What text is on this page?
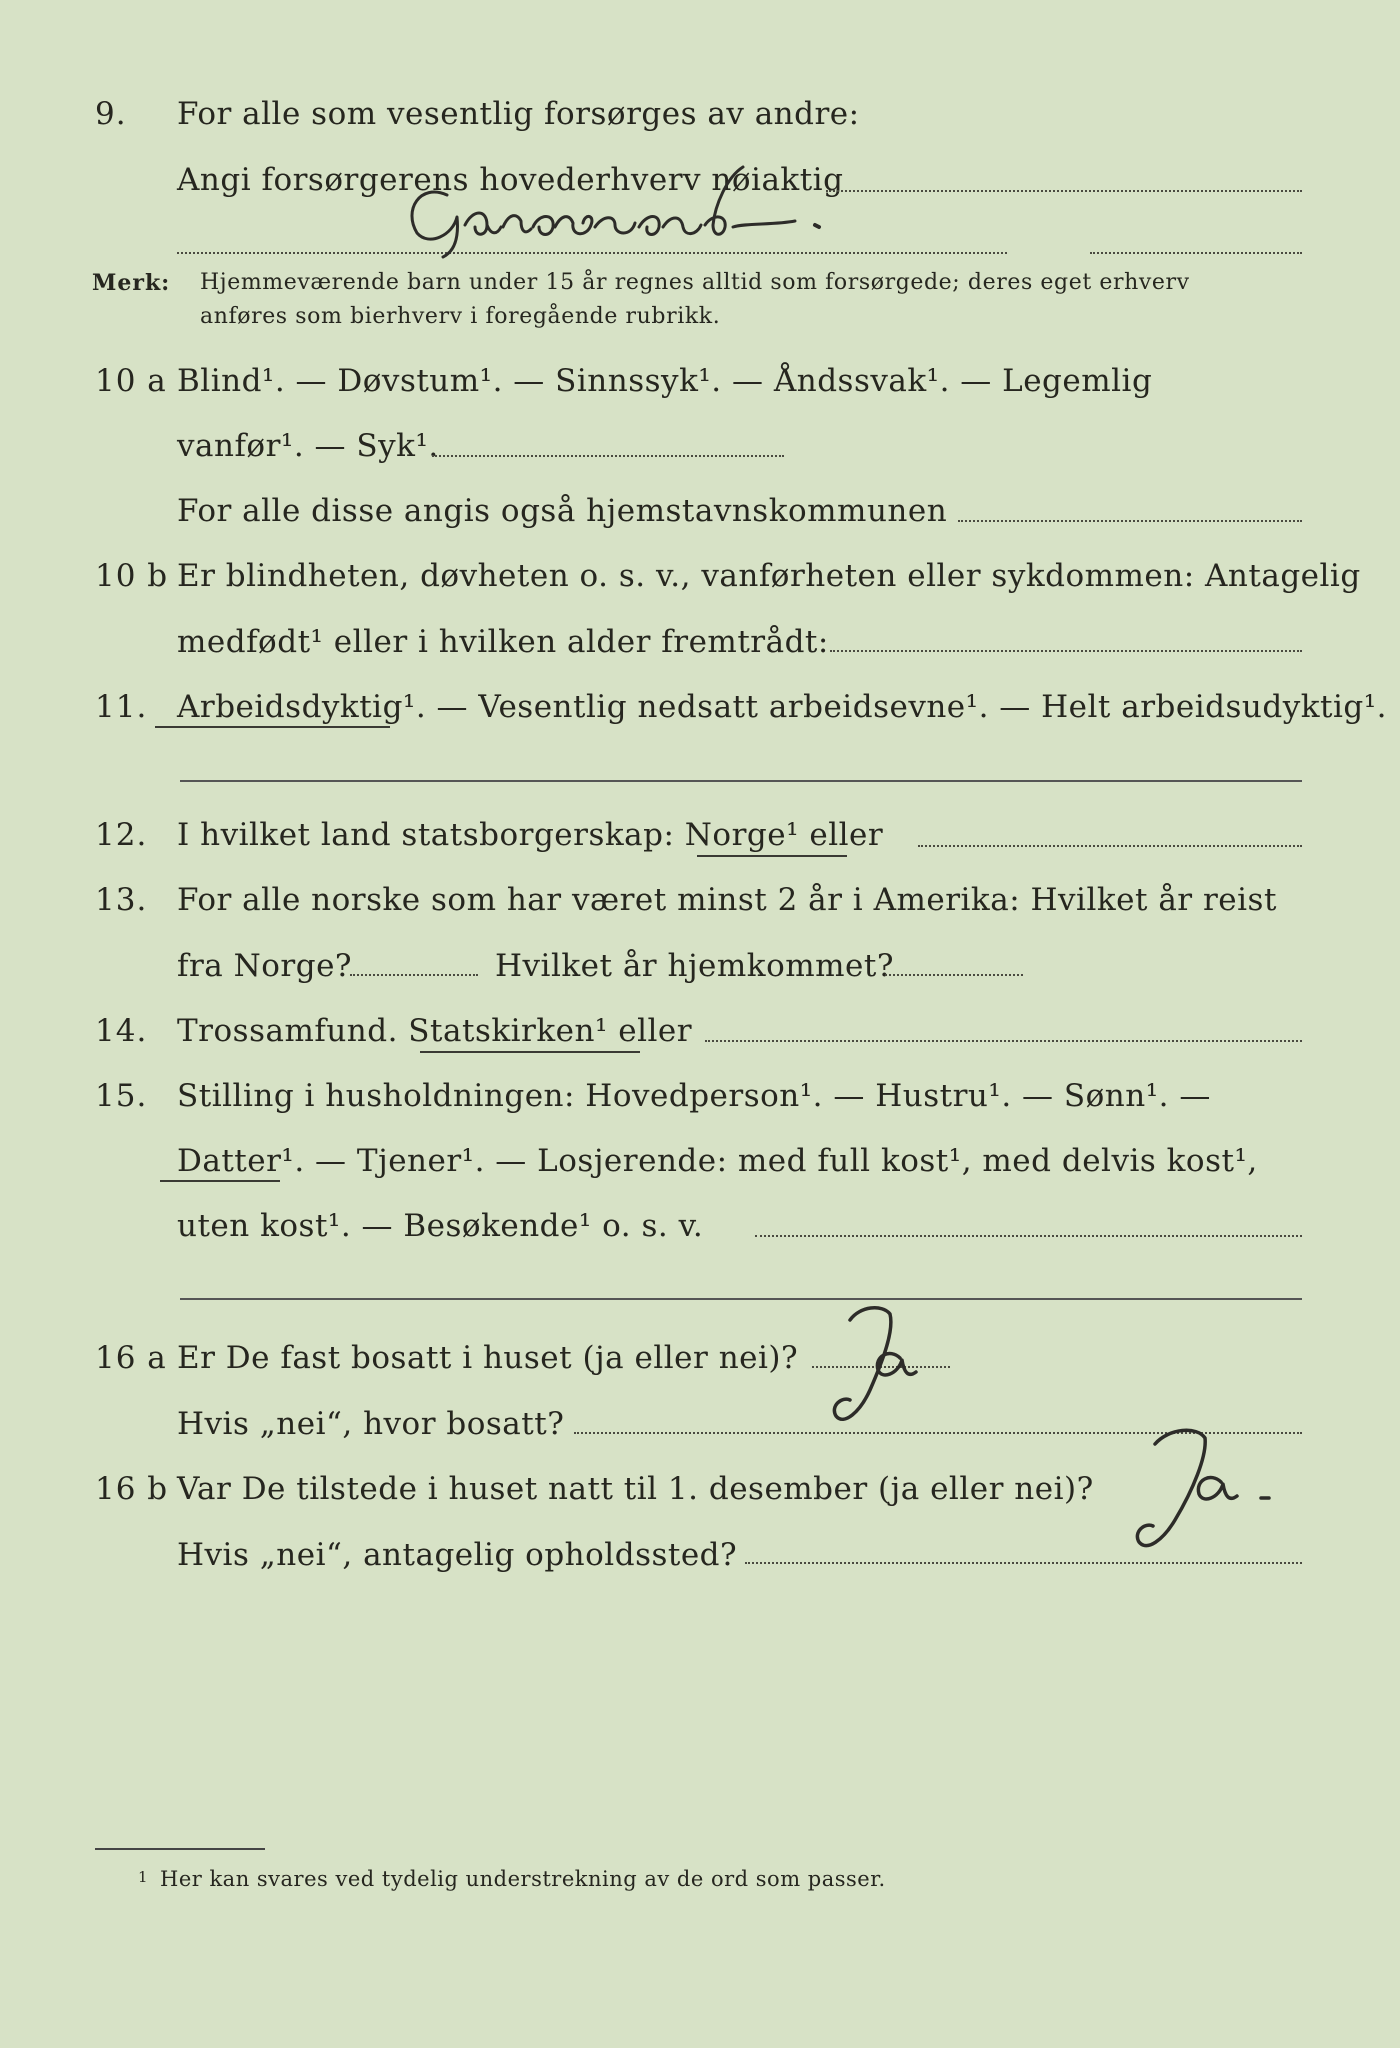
9. For alle som vesentlig forsørges av andre:
Angi forsørgerens hovederhverv nøiaktig
Merk: Hjemmeværende barn under 15 år regnes alltid som forsørgede; deres eget erhverv
anføres som bierhverv i foregående rubrikk.
10 a Blind¹. — Døvstum¹. — Sinnssyk¹. — Åndssvak¹. — Legemlig
vanfør¹. — Syk¹.
For alle disse angis også hjemstavnskommunen
10 b Er blindheten, døvheten o. s. v., vanførheten eller sykdommen: Antagelig
medfødt¹ eller i hvilken alder fremtrådt:
11. Arbeidsdyktig¹. — Vesentlig nedsatt arbeidsevne¹. — Helt arbeidsudyktig¹.
12. I hvilket land statsborgerskap: Norge¹ eller
13. For alle norske som har været minst 2 år i Amerika: Hvilket år reist
fra Norge?	Hvilket år hjemkommet?
14. Trossamfund. Statskirken¹ eller
15. Stilling i husholdningen: Hovedperson¹. — Hustru¹. — Sønn¹. —
Datter¹. — Tjener¹. — Losjerende: med full kost¹, med delvis kost¹,
uten kost¹. — Besøkende¹ o. s. v.
16 a Er De fast bosatt i huset (ja eller nei)?
Hvis „nei“, hvor bosatt?
16 b Var De tilstede i huset natt til 1. desember (ja eller nei)?
Hvis „nei“, antagelig opholdssted?
1 Her kan svares ved tydelig understrekning av de ord som passer.
